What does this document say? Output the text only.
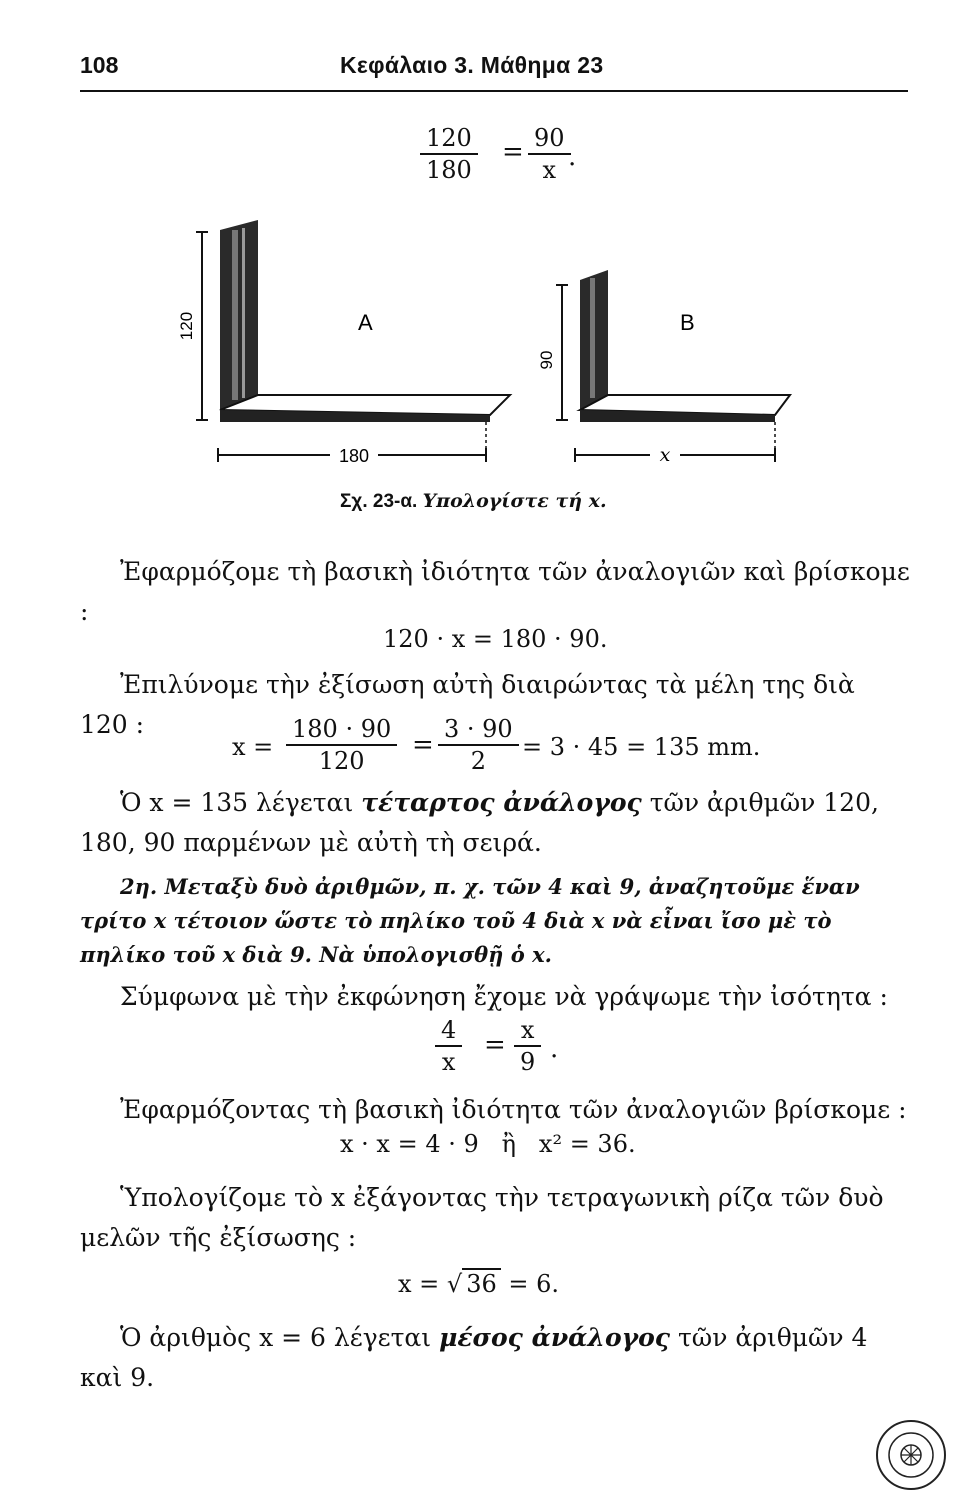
108	Κεφάλαιο 3. Μάθημα 23
$\frac{120}{180} = \frac{90}{x}$
.
120
180
A
90
x
B
Σχ. 23-α. Υπολογίστε τή x.
Ἐφαρμόζομε τὴ βασικὴ ἰδιότητα τῶν ἀναλογιῶν καὶ βρίσκομε :
120 · x = 180 · 90.
Ἐπιλύνομε τὴν ἐξίσωση αὐτὴ διαιρώντας τὰ μέλη της διὰ 120 :
$x = \frac{180 \cdot 90}{120} = \frac{3 \cdot 90}{2} = 3 \cdot 45 = 135$ mm.
Ὁ x = 135 λέγεται τέταρτος ἀνάλογος τῶν ἀριθμῶν 120, 180, 90 παρμένων μὲ αὐτὴ τὴ σειρά.
2η. Μεταξὺ δυὸ ἀριθμῶν, π. χ. τῶν 4 καὶ 9, ἀναζητοῦμε ἕναν τρίτο x τέτοιον ὥστε τὸ πηλίκο τοῦ 4 διὰ x νὰ εἶναι ἴσο μὲ τὸ πηλίκο τοῦ x διὰ 9. Νὰ ὑπολογισθῇ ὁ x.
Σύμφωνα μὲ τὴν ἐκφώνηση ἔχομε νὰ γράψωμε τὴν ἰσότητα :
$\frac{4}{x} = \frac{x}{9}$ .
Ἐφαρμόζοντας τὴ βασικὴ ἰδιότητα τῶν ἀναλογιῶν βρίσκομε :
x · x = 4 · 9   ἢ   x² = 36.
Ὑπολογίζομε τὸ x ἐξάγοντας τὴν τετραγωνικὴ ρίζα τῶν δυὸ μελῶν τῆς ἐξίσωσης :
x = √ 36 = 6.
Ὁ ἀριθμὸς x = 6 λέγεται μέσος ἀνάλογος τῶν ἀριθμῶν 4 καὶ 9.
